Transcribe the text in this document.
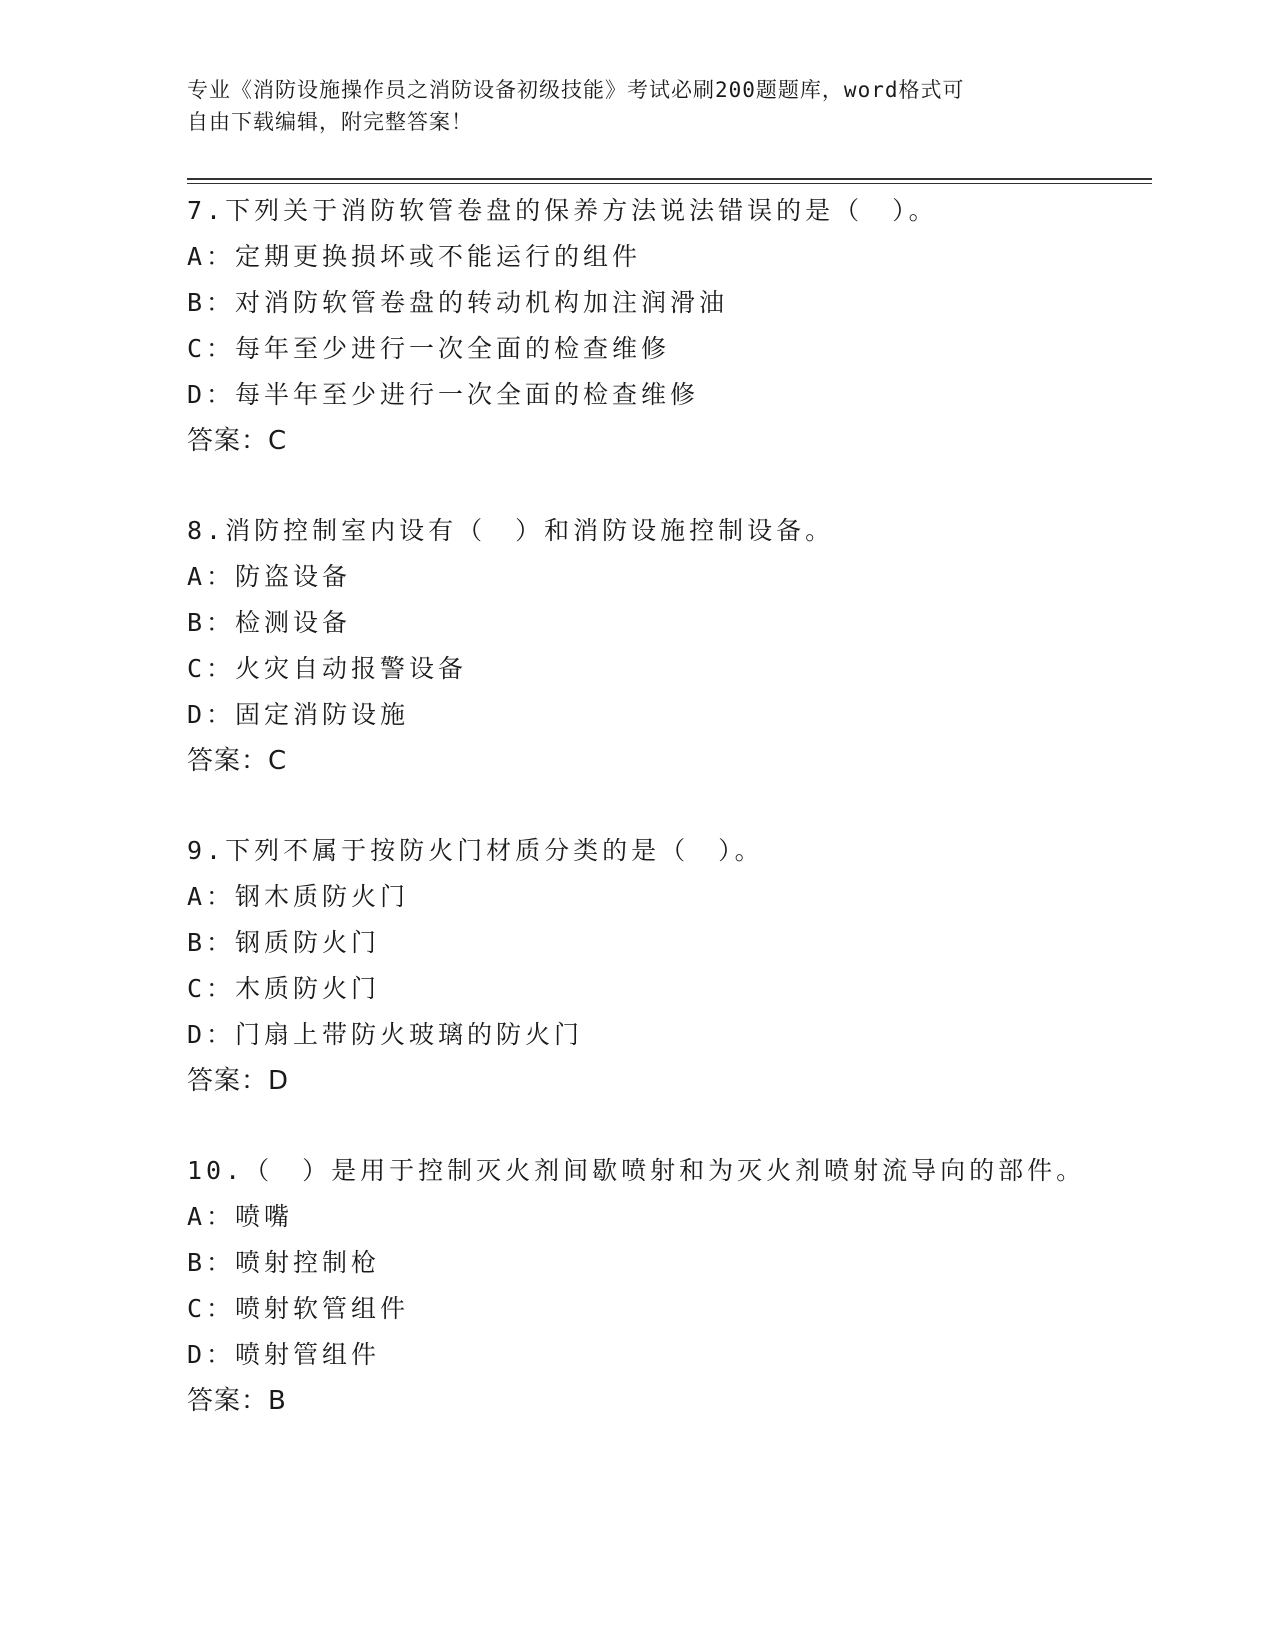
专业《消防设施操作员之消防设备初级技能》考试必刷200题题库，word格式可
自由下载编辑，附完整答案！
7.下列关于消防软管卷盘的保养方法说法错误的是（　）。
A：定期更换损坏或不能运行的组件
B：对消防软管卷盘的转动机构加注润滑油
C：每年至少进行一次全面的检查维修
D：每半年至少进行一次全面的检查维修
答案：C
8.消防控制室内设有（　）和消防设施控制设备。
A：防盗设备
B：检测设备
C：火灾自动报警设备
D：固定消防设施
答案：C
9.下列不属于按防火门材质分类的是（　）。
A：钢木质防火门
B：钢质防火门
C：木质防火门
D：门扇上带防火玻璃的防火门
答案：D
10.（　）是用于控制灭火剂间歇喷射和为灭火剂喷射流导向的部件。
A：喷嘴
B：喷射控制枪
C：喷射软管组件
D：喷射管组件
答案：B
